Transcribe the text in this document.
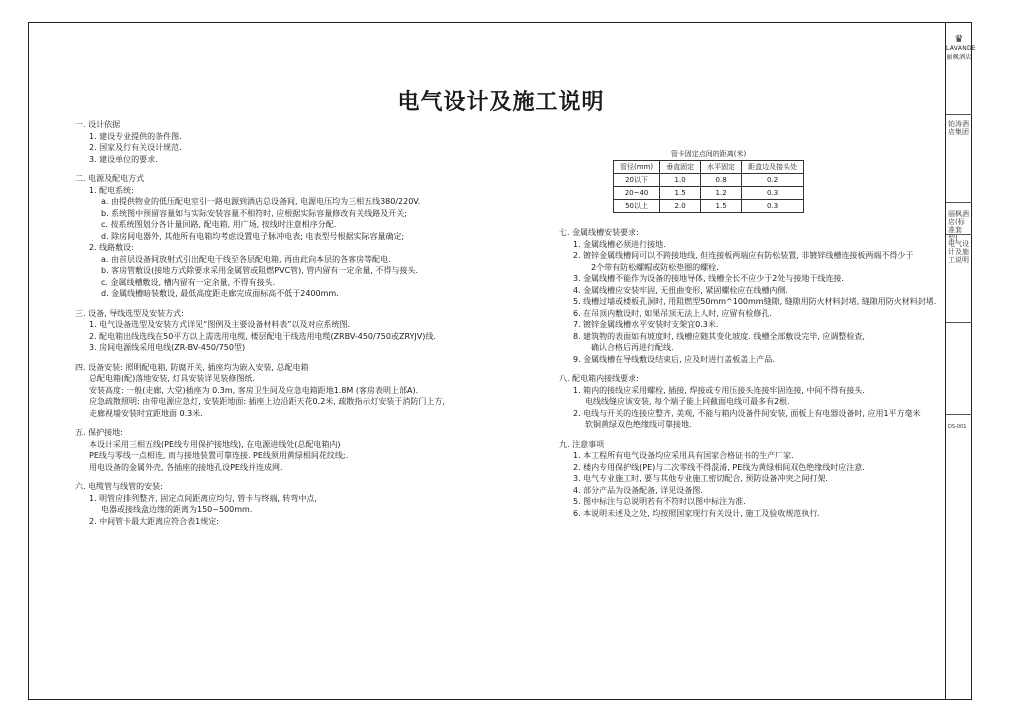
电气设计及施工说明
一. 设计依据
1. 建设专业提供的条件图.
2. 国家及行有关设计规范.
3. 建设单位的要求.
二. 电源及配电方式
1. 配电系统:
a. 由提供物业的低压配电室引一路电源到酒店总设备间, 电源电压均为三相五线380/220V.
b. 系统图中预留容量如与实际安装容量不相符时, 应根据实际容量修改有关线路及开关;
c. 按系统图划分各计量回路, 配电箱, 用广场, 按线时注意相序分配.
d. 除房间电器外, 其他所有电箱均考虑设置电子脉冲电表; 电表型号根据实际容量确定;
2. 线路敷设:
a. 由首层设备间放射式引出配电干线至各层配电箱, 再由此向本层的各客房等配电.
b. 客房管敷设(接地方式除要求采用金属管或阻燃PVC管), 管内留有一定余量, 不得与接头.
c. 金属线槽敷设, 槽内留有一定余量, 不得有接头.
d. 金属线槽暗装敷设, 最低高度距走廊完成面标高不低于2400mm.
三. 设备, 导线选型及安装方式:
1. 电气设备选型及安装方式详见“图例及主要设备材料表”以及对应系统图.
2. 配电箱出线选线在50平方以上需选用电缆, 楼层配电干线选用电缆(ZRBV-450/750或ZRYJV)线.
3. 房间电源线采用电线(ZR-BV-450/750型)
四. 设备安装: 照明配电箱, 防腐开关, 插座均为嵌入安装, 总配电箱
总配电箱(配)落地安装, 灯具安装详见装修图纸.
安装高度: 一般(走廊, 大堂)插座为 0.3m, 客房卫生间及应急电箱距地1.8M (客房表明上部A).
应急疏散照明: 由带电源应急灯, 安装距地面: 插座上边沿距天花0.2米, 疏散指示灯安装于消防门上方,
走廊视墙安装时宜距地面 0.3米.
五. 保护接地:
本设计采用三相五线(PE线专用保护接地线), 在电源进线处(总配电箱内)
PE线与零线一点相连, 而与接地装置可靠连接. PE线须用黄绿相间花纹线;.
用电设备的金属外壳, 各插座的接地孔设PE线并连成网.
六. 电缆管与线管的安装:
1. 明管应排列整齐, 固定点间距离应均匀, 管卡与终端, 转弯中点,
电器或接线盒边缘的距离为150~500mm.
2. 中间管卡最大距离应符合表1规定:
七. 金属线槽安装要求:
1. 金属线槽必须进行接地.
2. 镀锌金属线槽间可以不跨接地线, 但连接板两端应有防松装置, 非镀锌线槽连接板两端不得少于
2个带有防松螺帽或防松垫圈的螺栓.
3. 金属线槽不能作为设备的接地导体, 线槽全长不应少于2处与接地干线连接.
4. 金属线槽应安装牢固, 无扭曲变形, 紧固螺栓应在线槽内侧.
5. 线槽过墙或楼板孔洞时, 用阻燃型50mm^100mm缝隙, 缝隙用防火材料封堵, 缝隙用防火材料封堵.
6. 在吊顶内敷设时, 如果吊顶无法上人时, 应留有检修孔.
7. 镀锌金属线槽水平安装时支架宜0.3米.
8. 建筑物的表面如有坡度时, 线槽应随其变化坡度. 线槽全部敷设完毕, 应调整检查,
确认合格后再进行配线.
9. 金属线槽在导线敷设结束后, 应及时进行盖板盖上产品.
八. 配电箱内接线要求:
1. 箱内的接线应采用螺栓, 插接, 焊接或专用压接头连接牢固连接, 中间不得有接头.
电线线缝应该安装, 每个端子能上同截面电线可最多有2根.
2. 电线与开关的连接应整齐, 美观, 不能与箱内设备件间安装, 面板上有电器设备时, 应用1平方毫米
软铜黄绿双色绝缘线可靠接地.
九. 注意事项
1. 本工程所有电气设备均应采用具有国家合格证书的生产厂家.
2. 楼内专用保护线(PE)与二次零线不得混淆, PE线为黄绿相间双色绝缘线时应注意.
3. 电气专业施工时, 要与其他专业施工密切配合, 预防设备冲突之间打架.
4. 部分产品为设备配备, 详见设备图.
5. 图中标注与总说明若有不符时以图中标注为准.
6. 本说明未述及之处, 均按照国家现行有关设计, 施工及验收规范执行.
管卡固定点间的距离(米)
管径(mm)	垂直固定	水平固定	距盒边及接头处
20以下	1.0	0.8	0.2
20~40	1.5	1.2	0.3
50以上	2.0	1.5	0.3
♛
LAVANDE
丽枫酒店
铂涛酒店集团
丽枫酒店(标准套型)
电气设计及施工说明
DS-001
